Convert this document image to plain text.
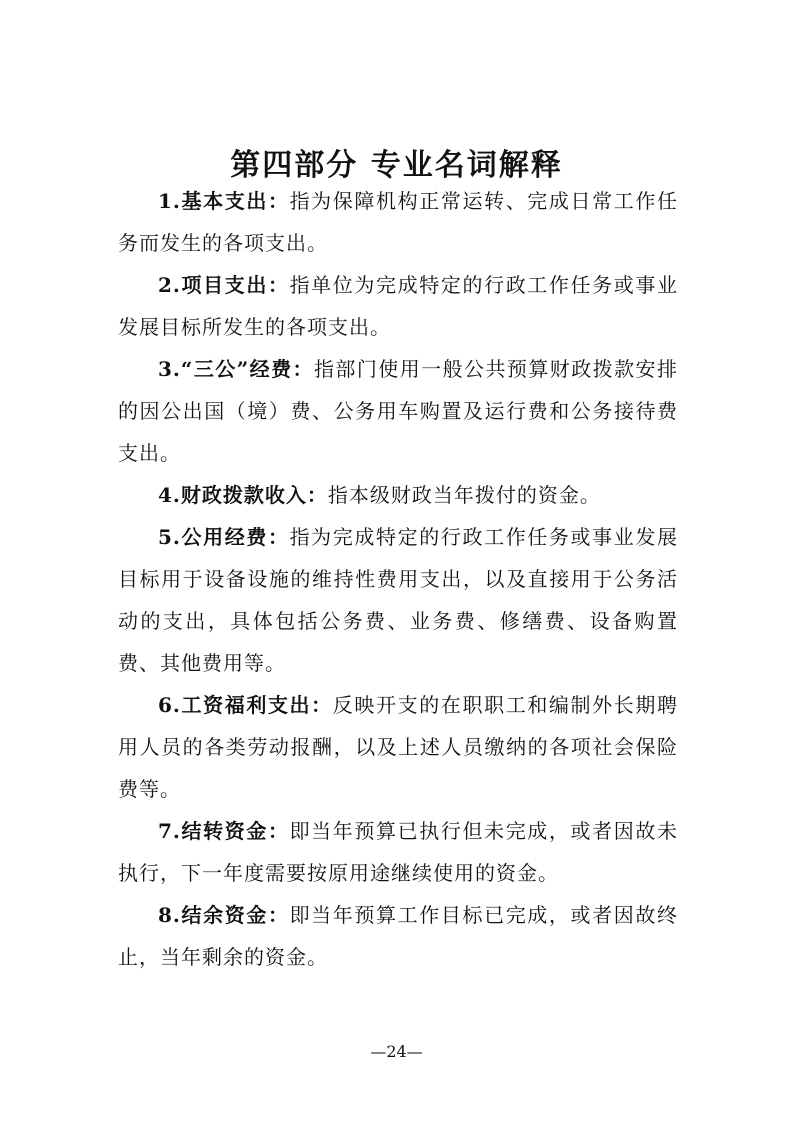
第四部分 专业名词解释

1.基本支出：指为保障机构正常运转、完成日常工作任务而发生的各项支出。

2.项目支出：指单位为完成特定的行政工作任务或事业发展目标所发生的各项支出。

3.“三公”经费：指部门使用一般公共预算财政拨款安排的因公出国（境）费、公务用车购置及运行费和公务接待费支出。

4.财政拨款收入：指本级财政当年拨付的资金。

5.公用经费：指为完成特定的行政工作任务或事业发展目标用于设备设施的维持性费用支出，以及直接用于公务活动的支出，具体包括公务费、业务费、修缮费、设备购置费、其他费用等。

6.工资福利支出：反映开支的在职职工和编制外长期聘用人员的各类劳动报酬，以及上述人员缴纳的各项社会保险费等。

7.结转资金：即当年预算已执行但未完成，或者因故未执行，下一年度需要按原用途继续使用的资金。

8.结余资金：即当年预算工作目标已完成，或者因故终止，当年剩余的资金。

—24—
